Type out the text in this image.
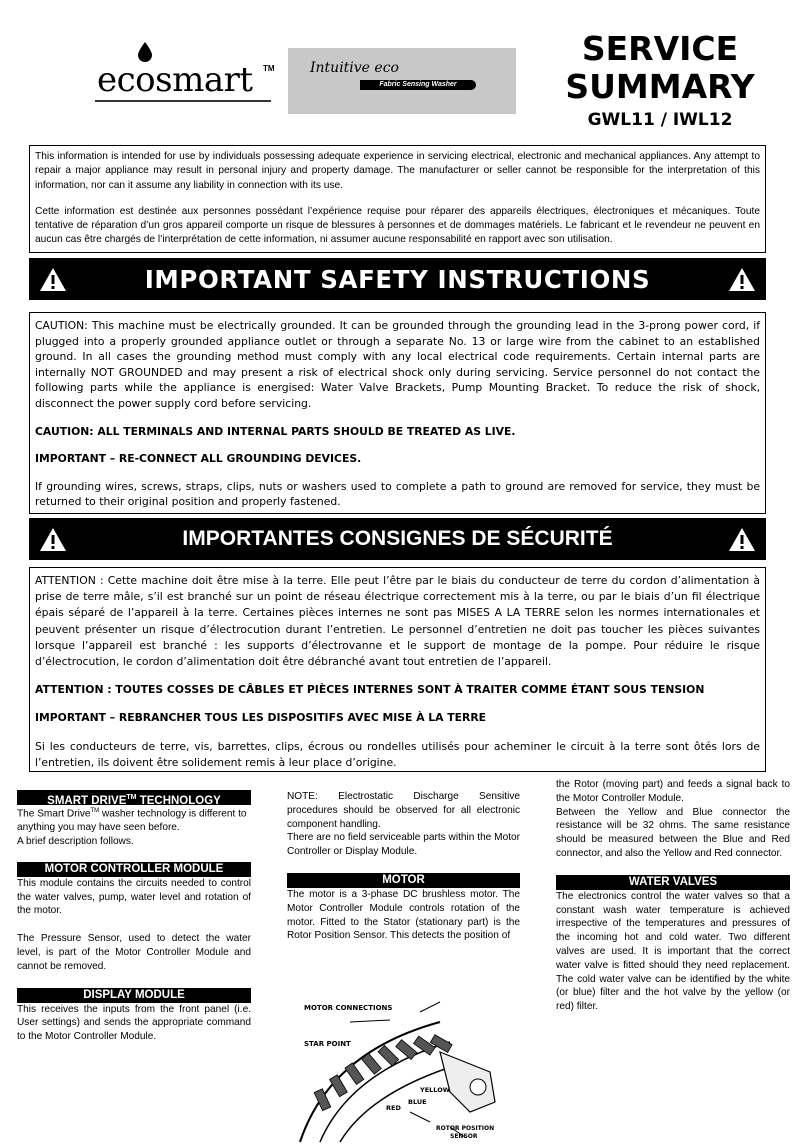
ecosmart TM	Intuitive eco
Fabric Sensing Washer
SERVICE
SUMMARY
GWL11 / IWL12

This information is intended for use by individuals possessing adequate experience in servicing electrical, electronic and mechanical appliances. Any attempt to repair a major appliance may result in personal injury and property damage. The manufacturer or seller cannot be responsible for the interpretation of this information, nor can it assume any liability in connection with its use.

Cette information est destinée aux personnes possédant l’expérience requise pour réparer des appareils électriques, électroniques et mécaniques. Toute tentative de réparation d’un gros appareil comporte un risque de blessures à personnes et de dommages matériels. Le fabricant et le revendeur ne peuvent en aucun cas être chargés de l’interprétation de cette information, ni assumer aucune responsabilité en rapport avec son utilisation.

IMPORTANT SAFETY INSTRUCTIONS

CAUTION: This machine must be electrically grounded. It can be grounded through the grounding lead in the 3-prong power cord, if plugged into a properly grounded appliance outlet or through a separate No. 13 or large wire from the cabinet to an established ground. In all cases the grounding method must comply with any local electrical code requirements. Certain internal parts are internally NOT GROUNDED and may present a risk of electrical shock only during servicing. Service personnel do not contact the following parts while the appliance is energised: Water Valve Brackets, Pump Mounting Bracket. To reduce the risk of shock, disconnect the power supply cord before servicing.

CAUTION: ALL TERMINALS AND INTERNAL PARTS SHOULD BE TREATED AS LIVE.

IMPORTANT – RE-CONNECT ALL GROUNDING DEVICES.

If grounding wires, screws, straps, clips, nuts or washers used to complete a path to ground are removed for service, they must be returned to their original position and properly fastened.

IMPORTANTES CONSIGNES DE SÉCURITÉ

ATTENTION : Cette machine doit être mise à la terre. Elle peut l’être par le biais du conducteur de terre du cordon d’alimentation à prise de terre mâle, s’il est branché sur un point de réseau électrique correctement mis à la terre, ou par le biais d’un fil électrique épais séparé de l’appareil à la terre. Certaines pièces internes ne sont pas MISES A LA TERRE selon les normes internationales et peuvent présenter un risque d’électrocution durant l’entretien. Le personnel d’entretien ne doit pas toucher les pièces suivantes lorsque l’appareil est branché : les supports d’électrovanne et le support de montage de la pompe. Pour réduire le risque d’électrocution, le cordon d’alimentation doit être débranché avant tout entretien de l’appareil.

ATTENTION : TOUTES COSSES DE CÂBLES ET PIÈCES INTERNES SONT À TRAITER COMME ÉTANT SOUS TENSION

IMPORTANT – REBRANCHER TOUS LES DISPOSITIFS AVEC MISE À LA TERRE

Si les conducteurs de terre, vis, barrettes, clips, écrous ou rondelles utilisés pour acheminer le circuit à la terre sont ôtés lors de l’entretien, ils doivent être solidement remis à leur place d’origine.

SMART DRIVE™ TECHNOLOGY

The Smart Drive™ washer technology is different to anything you may have seen before.

A brief description follows.

MOTOR CONTROLLER MODULE

This module contains the circuits needed to control the water valves, pump, water level and rotation of the motor.

The Pressure Sensor, used to detect the water level, is part of the Motor Controller Module and cannot be removed.

DISPLAY MODULE

This receives the inputs from the front panel (i.e. User settings) and sends the appropriate command to the Motor Controller Module.

NOTE: Electrostatic Discharge Sensitive procedures should be observed for all electronic component handling.

There are no field serviceable parts within the Motor Controller or Display Module.

MOTOR

The motor is a 3-phase DC brushless motor. The Motor Controller Module controls rotation of the motor. Fitted to the Stator (stationary part) is the Rotor Position Sensor. This detects the position of

MOTOR CONNECTIONS
STAR POINT
RED
BLUE
YELLOW
ROTOR POSITION
SENSOR

the Rotor (moving part) and feeds a signal back to the Motor Controller Module.

Between the Yellow and Blue connector the resistance will be 32 ohms. The same resistance should be measured between the Blue and Red connector, and also the Yellow and Red connector.

WATER VALVES

The electronics control the water valves so that a constant wash water temperature is achieved irrespective of the temperatures and pressures of the incoming hot and cold water. Two different valves are used. It is important that the correct water valve is fitted should they need replacement. The cold water valve can be identified by the white (or blue) filter and the hot valve by the yellow (or red) filter.
